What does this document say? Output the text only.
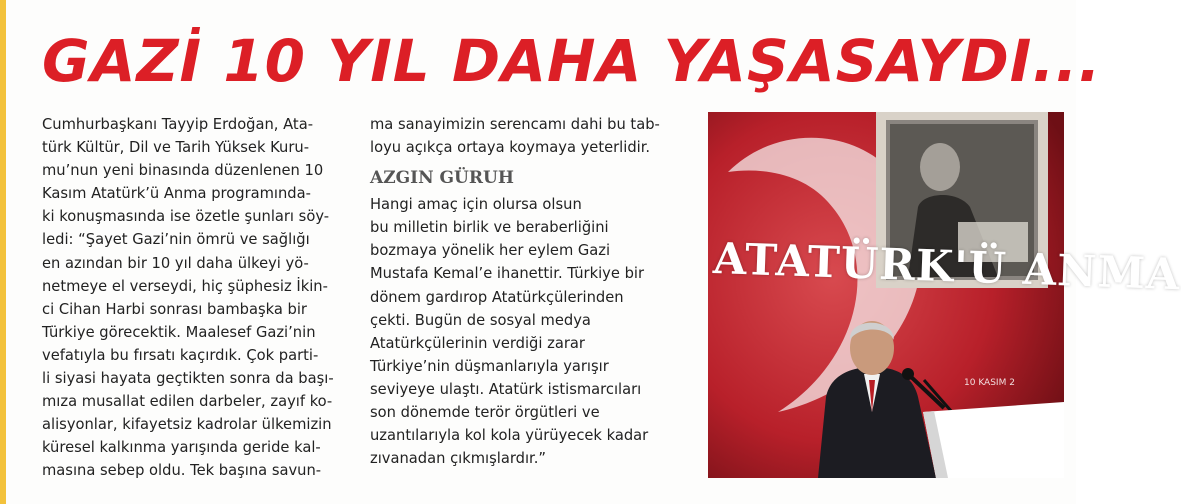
GAZİ 10 YIL DAHA YAŞASAYDI...
Cumhurbaşkanı Tayyip Erdoğan, Ata-
türk Kültür, Dil ve Tarih Yüksek Kuru-
mu’nun yeni binasında düzenlenen 10
Kasım Atatürk’ü Anma programında-
ki konuşmasında ise özetle şunları söy-
ledi: “Şayet Gazi’nin ömrü ve sağlığı
en azından bir 10 yıl daha ülkeyi yö-
netmeye el verseydi, hiç şüphesiz İkin-
ci Cihan Harbi sonrası bambaşka bir
Türkiye görecektik. Maalesef Gazi’nin
vefatıyla bu fırsatı kaçırdık. Çok parti-
li siyasi hayata geçtikten sonra da başı-
mıza musallat edilen darbeler, zayıf ko-
alisyonlar, kifayetsiz kadrolar ülkemizin
küresel kalkınma yarışında geride kal-
masına sebep oldu. Tek başına savun-
ma sanayimizin serencamı dahi bu tab-
loyu açıkça ortaya koymaya yeterlidir.
AZGIN GÜRUH
Hangi amaç için olursa olsun
bu milletin birlik ve beraberliğini
bozmaya yönelik her eylem Gazi
Mustafa Kemal’e ihanettir. Türkiye bir
dönem gardırop Atatürkçülerinden
çekti. Bugün de sosyal medya
Atatürkçülerinin verdiği zarar
Türkiye’nin düşmanlarıyla yarışır
seviyeye ulaştı. Atatürk istismarcıları
son dönemde terör örgütleri ve
uzantılarıyla kol kola yürüyecek kadar
zıvanadan çıkmışlardır.”
ATATÜRK'Ü ANMA
10 KASIM 2
